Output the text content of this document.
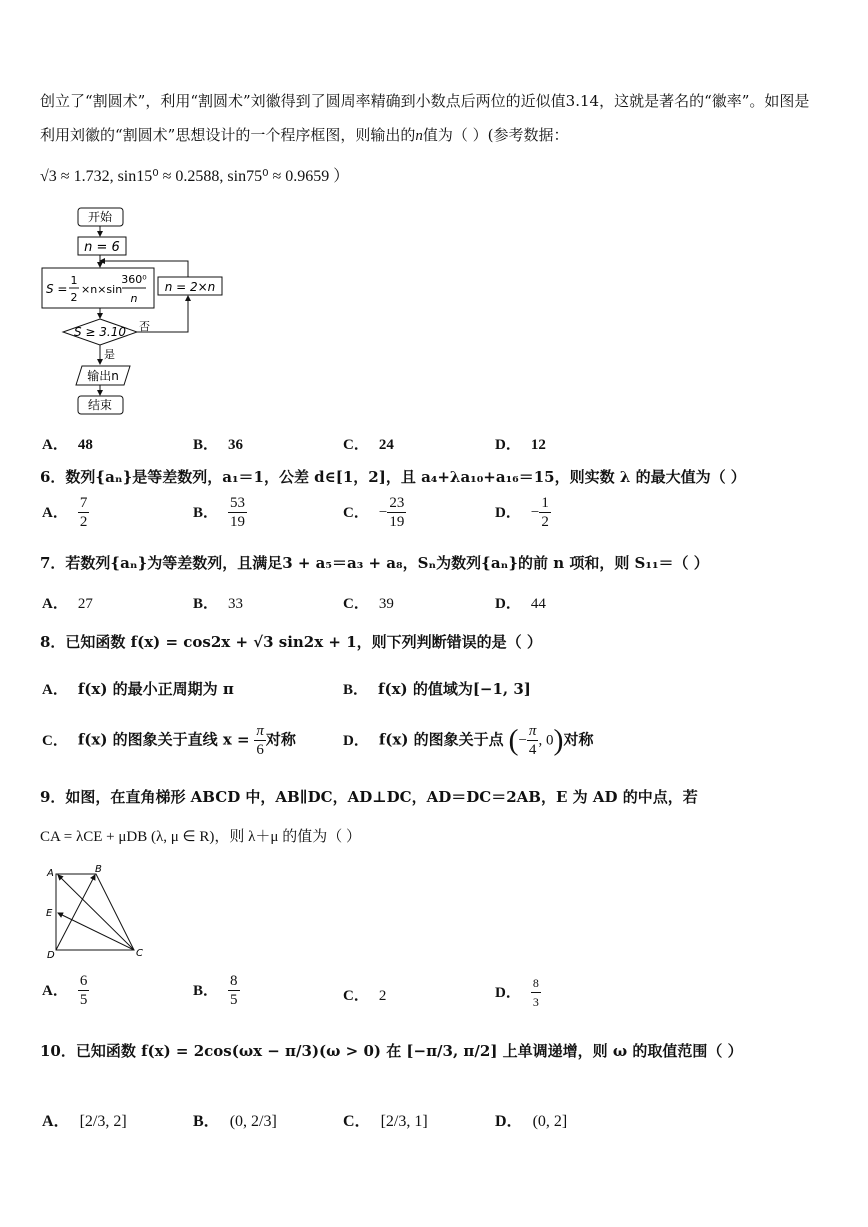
创立了“割圆术”，利用“割圆术”刘徽得到了圆周率精确到小数点后两位的近似值3.14，这就是著名的“徽率”。如图是
利用刘徽的“割圆术”思想设计的一个程序框图，则输出的n值为（ ）(参考数据：
√3 ≈ 1.732, sin15⁰ ≈ 0.2588, sin75⁰ ≈ 0.9659 ）
开始
n = 6
S =
1
2
×n×sin
360⁰
n
n = 2×n
S ≥ 3.10 否
是
输出n
结束
A． 48	B． 36	C． 24	D． 12
6．数列{aₙ}是等差数列，a₁＝1，公差 d∈[1，2]，且 a₄+λa₁₀+a₁₆＝15，则实数 λ 的最大值为（ ）
A． $\frac{7}{2}$	B． $\frac{53}{19}$	C． − $\frac{23}{19}$	D． − $\frac{1}{2}$
7．若数列{aₙ}为等差数列，且满足3 + a₅＝a₃ + a₈，Sₙ为数列{aₙ}的前 n 项和，则 S₁₁＝（ ）
A． 27	B． 33	C． 39	D． 44
8．已知函数 f(x) = cos2x + √3 sin2x + 1，则下列判断错误的是（ ）
A． f(x) 的最小正周期为 π	B． f(x) 的值域为[−1, 3]
C． f(x) 的图象关于直线 $x = \frac{\pi}{6}$ 对称	D． f(x) 的图象关于点 (− $\frac{\pi}{4}$ , 0)对称
9．如图，在直角梯形 ABCD 中，AB∥DC，AD⊥DC，AD＝DC＝2AB，E 为 AD 的中点，若
CA = λCE + μDB (λ, μ ∈ R)，则 λ＋μ 的值为（ ）
A	B
C
D
E
A． $\frac{6}{5}$	B． $\frac{8}{5}$	C． 2	D． $\frac{8}{3}$
10．已知函数 f(x) = 2cos(ωx − π/3)(ω > 0) 在 [−π/3, π/2] 上单调递增，则 ω 的取值范围（ ）
A． [2/3, 2]	B． (0, 2/3]	C． [2/3, 1]	D． (0, 2]
